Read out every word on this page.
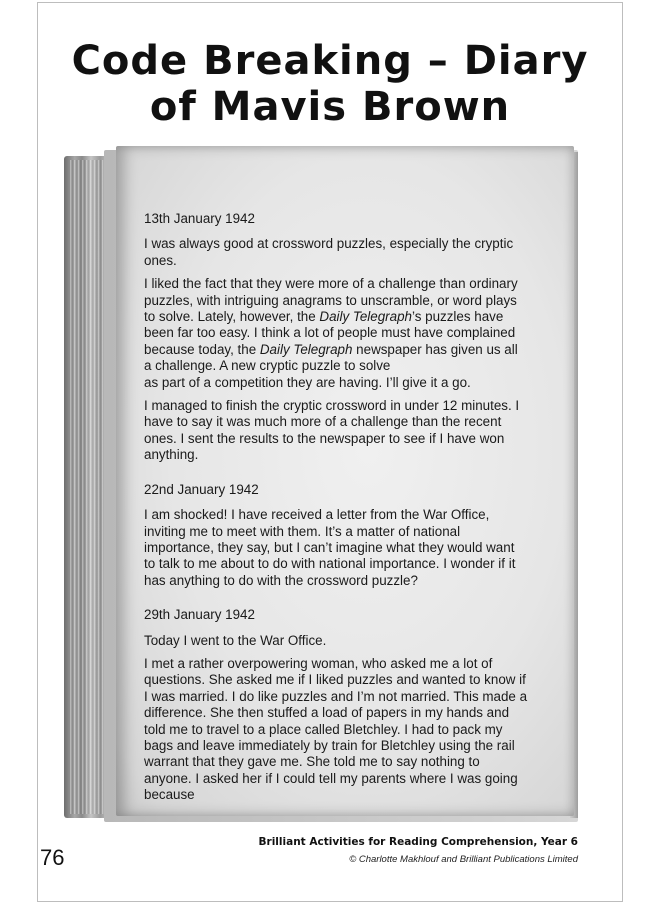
Code Breaking – Diary of Mavis Brown

13th January 1942

I was always good at crossword puzzles, especially the cryptic ones.

I liked the fact that they were more of a challenge than ordinary puzzles, with intriguing anagrams to unscramble, or word plays to solve. Lately, however, the Daily Telegraph’s puzzles have been far too easy. I think a lot of people must have complained because today, the Daily Telegraph newspaper has given us all a challenge. A new cryptic puzzle to solve
as part of a competition they are having. I’ll give it a go.

I managed to finish the cryptic crossword in under 12 minutes. I have to say it was much more of a challenge than the recent ones. I sent the results to the newspaper to see if I have won anything.

22nd January 1942

I am shocked! I have received a letter from the War Office, inviting me to meet with them. It’s a matter of national importance, they say, but I can’t imagine what they would want to talk to me about to do with national importance. I wonder if it has anything to do with the crossword puzzle?

29th January 1942

Today I went to the War Office.

I met a rather overpowering woman, who asked me a lot of questions. She asked me if I liked puzzles and wanted to know if I was married. I do like puzzles and I’m not married. This made a difference. She then stuffed a load of papers in my hands and told me to travel to a place called Bletchley. I had to pack my bags and leave immediately by train for Bletchley using the rail warrant that they gave me. She told me to say nothing to anyone. I asked her if I could tell my parents where I was going because

76
Brilliant Activities for Reading Comprehension, Year 6
© Charlotte Makhlouf and Brilliant Publications Limited
